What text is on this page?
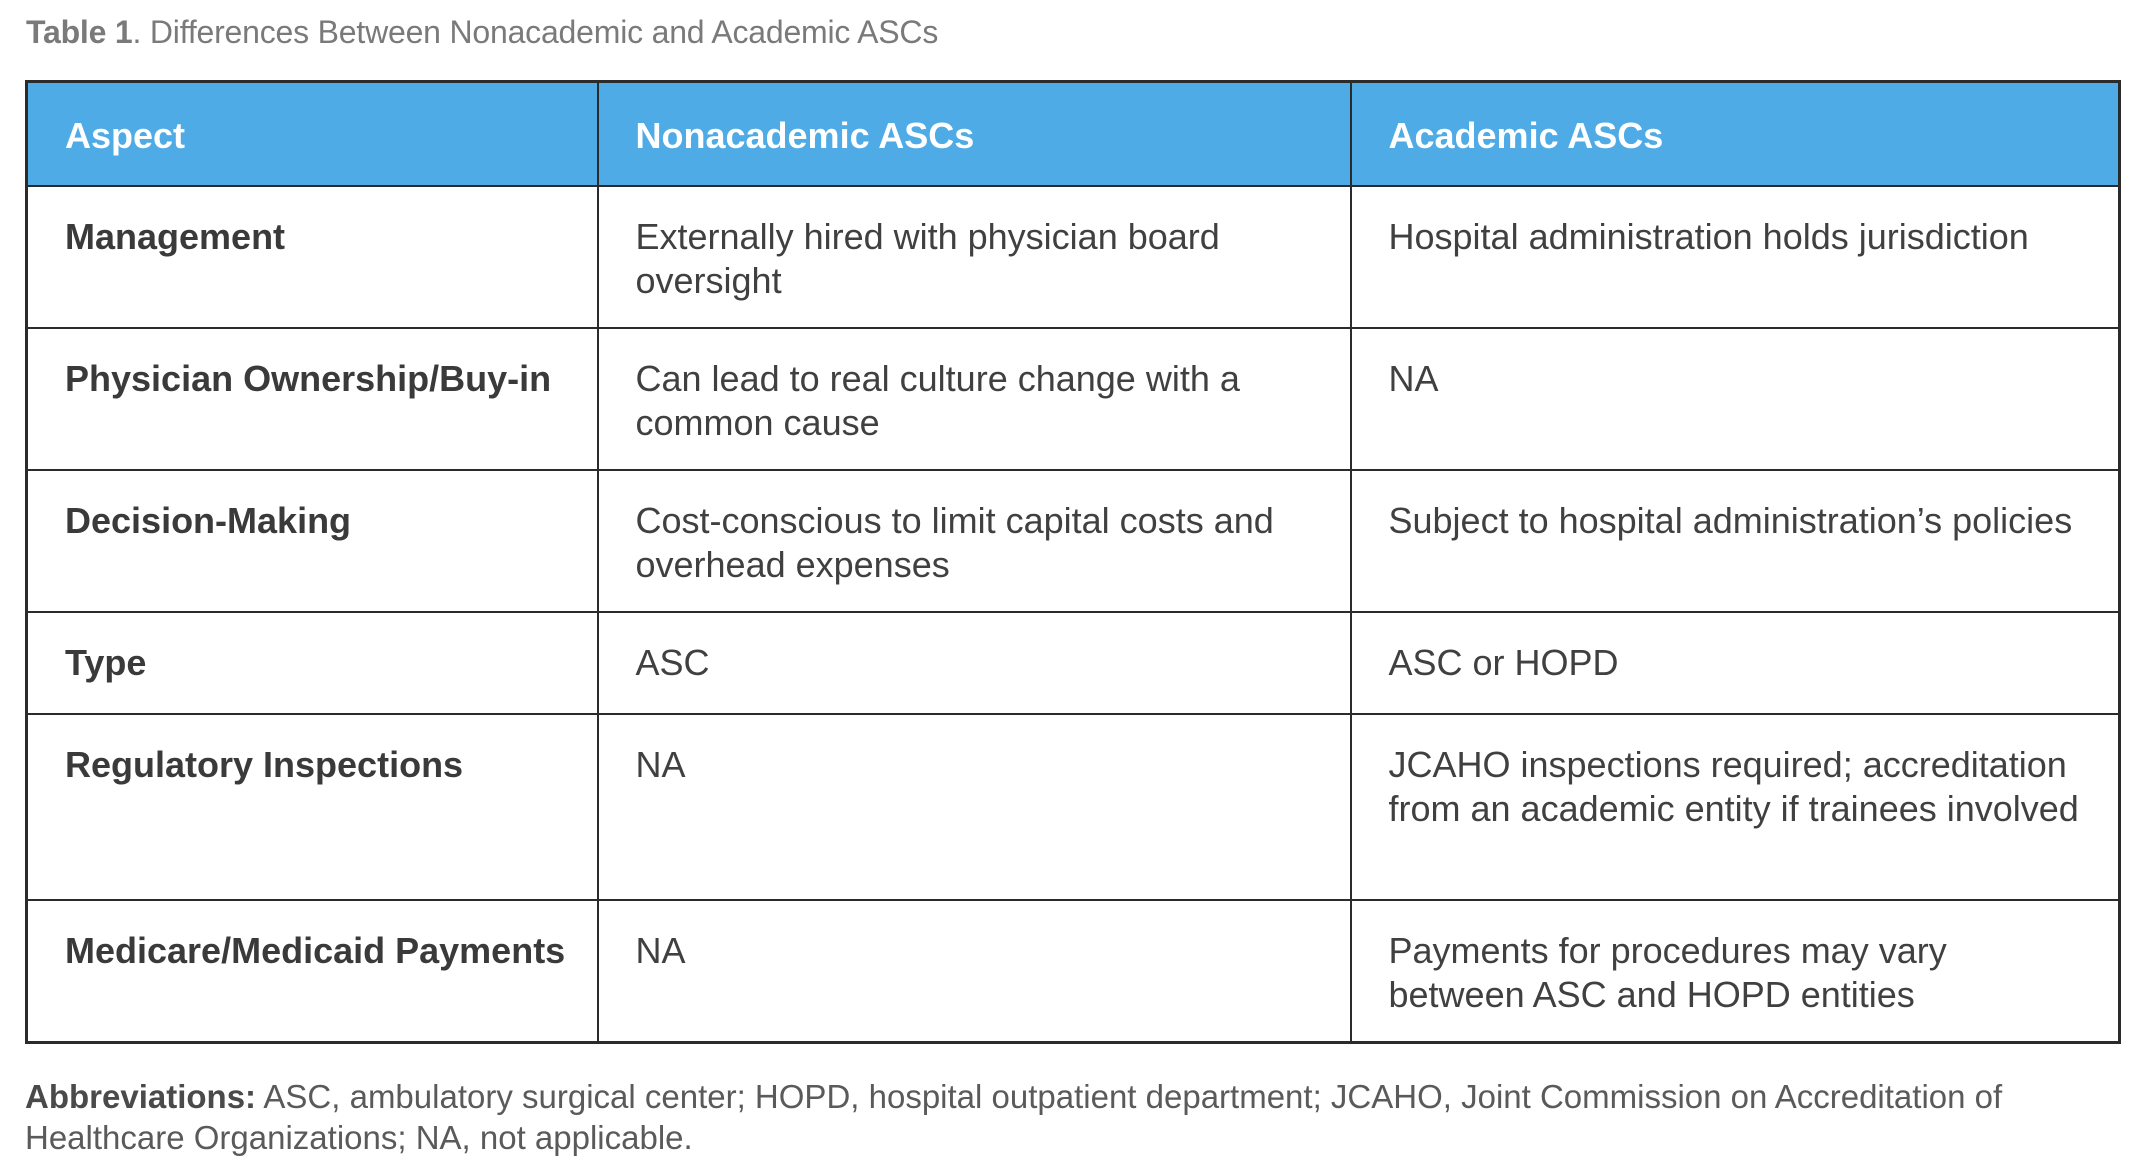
Table 1. Differences Between Nonacademic and Academic ASCs
Aspect	Nonacademic ASCs	Academic ASCs
Management	Externally hired with physician board oversight	Hospital administration holds jurisdiction
Physician Ownership/Buy-in	Can lead to real culture change with a common cause	NA
Decision-Making	Cost-conscious to limit capital costs and overhead expenses	Subject to hospital administration’s policies
Type	ASC	ASC or HOPD
Regulatory Inspections	NA	JCAHO inspections required; accreditation from an academic entity if trainees involved
Medicare/Medicaid Payments	NA	Payments for procedures may vary between ASC and HOPD entities
Abbreviations: ASC, ambulatory surgical center; HOPD, hospital outpatient department; JCAHO, Joint Commission on Accreditation of Healthcare Organizations; NA, not applicable.
